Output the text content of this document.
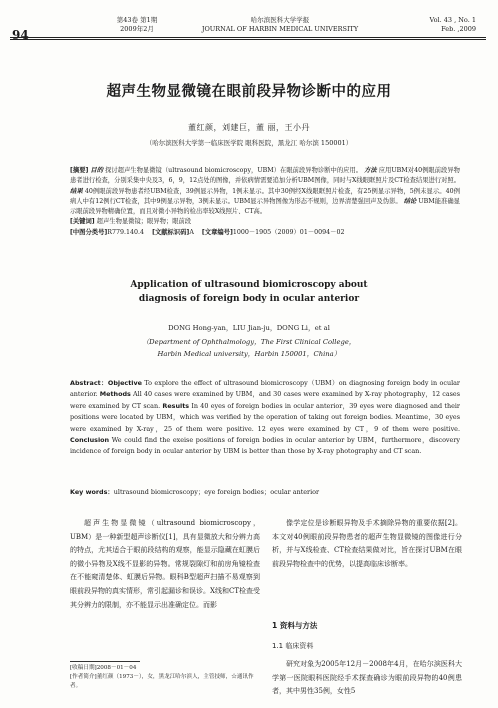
94
第43卷 第1期
2009年2月
哈尔滨医科大学学报
JOURNAL OF HARBIN MEDICAL UNIVERSITY
Vol. 43 , No. 1
Feb. ,2009
超声生物显微镜在眼前段异物诊断中的应用
董红颜，刘建巨，董 丽，王小丹
（哈尔滨医科大学第一临床医学院 眼科医院，黑龙江 哈尔滨 150001）
[摘要] 目的 探讨超声生物显微镜（ultrasound biomicroscopy，UBM）在眼前段异物诊断中的应用。 方法 应用UBM对40例眼前段异物患者进行检查，分别采集中央及3，6，9，12点处的图像，并依病情需要追加分析UBM图像，同时与X线眼眶照片及CT检查结果进行对照。 结果 40例眼前段异物患者经UBM检查，39例显示异物，1例未显示。其中30例经X线眼眶照片检查，有25例显示异物，5例未显示。40例病人中有12例行CT检查，其中9例显示异物，3例未显示。UBM显示异物图像为形态不规则，边界清楚强回声及伪影。 结论 UBM能准确显示眼前段异物精确位置，而且对微小异物的检出率较X线照片、CT高。
[关键词] 超声生物显微镜；眼异物；眼前段
[中图分类号]R779.140.4 [文献标识码]A [文章编号]1000－1905（2009）01－0094－02
Application of ultrasound biomicroscopy about
diagnosis of foreign body in ocular anterior
DONG Hong-yan，LIU Jian-ju，DONG Li，et al
（Department of Ophthalmology，The First Clinical College，
Harbin Medical university，Harbin 150001，China）
Abstract：Objective To explore the effect of ultrasound biomicroscopy（UBM）on diagnosing foreign body in ocular anterior. Methods All 40 cases were examined by UBM，and 30 cases were examined by X-ray photography，12 cases were examined by CT scan. Results In 40 eyes of foreign bodies in ocular anterior，39 eyes were diagnosed and their positions were located by UBM，which was verified by the operation of taking out foreign bodies. Meantime，30 eyes were examined by X-ray，25 of them were positive. 12 eyes were examined by CT，9 of them were positive. Conclusion We could find the exeise positions of foreign bodies in ocular anterior by UBM，furthermore，discovery incidence of foreign body in ocular anterior by UBM is better than those by X-ray photography and CT scan.
Key words：ultrasound biomicroscopy；eye foreign bodies；ocular anterior
超声生物显微镜（ultrasound biomicroscopy，UBM）是一种新型超声诊断仪[1]，具有显微放大和分辨力高的特点，尤其适合于眼前段结构的观察，能显示隐藏在虹膜后的微小异物及X线不显影的异物。常规裂隙灯和前房角镜检查在不能窥清楚体、虹膜后异物。眼科B型超声扫描不易观察到眼前段异物的真实情形，常引起漏诊和误诊。X线和CT检查受其分辨力的限制，亦不能显示出准确定位。而影
像学定位是诊断眼异物及手术摘除异物的重要依据[2]。本文对40例眼前段异物患者的超声生物显微镜的图像进行分析，并与X线检查、CT检查结果做对比，旨在探讨UBM在眼前段异物检查中的优势，以提高临床诊断率。
1 资料与方法
1.1 临床资料
研究对象为2005年12月－2008年4月，在哈尔滨医科大学第一医院眼科医院经手术探查确诊为眼前段异物的40例患者，其中男性35例，女性5
[收稿日期]2008－01－04
[作者简介]董红颜（1973－），女，黑龙江哈尔滨人，主管技师，☆通讯作者。
